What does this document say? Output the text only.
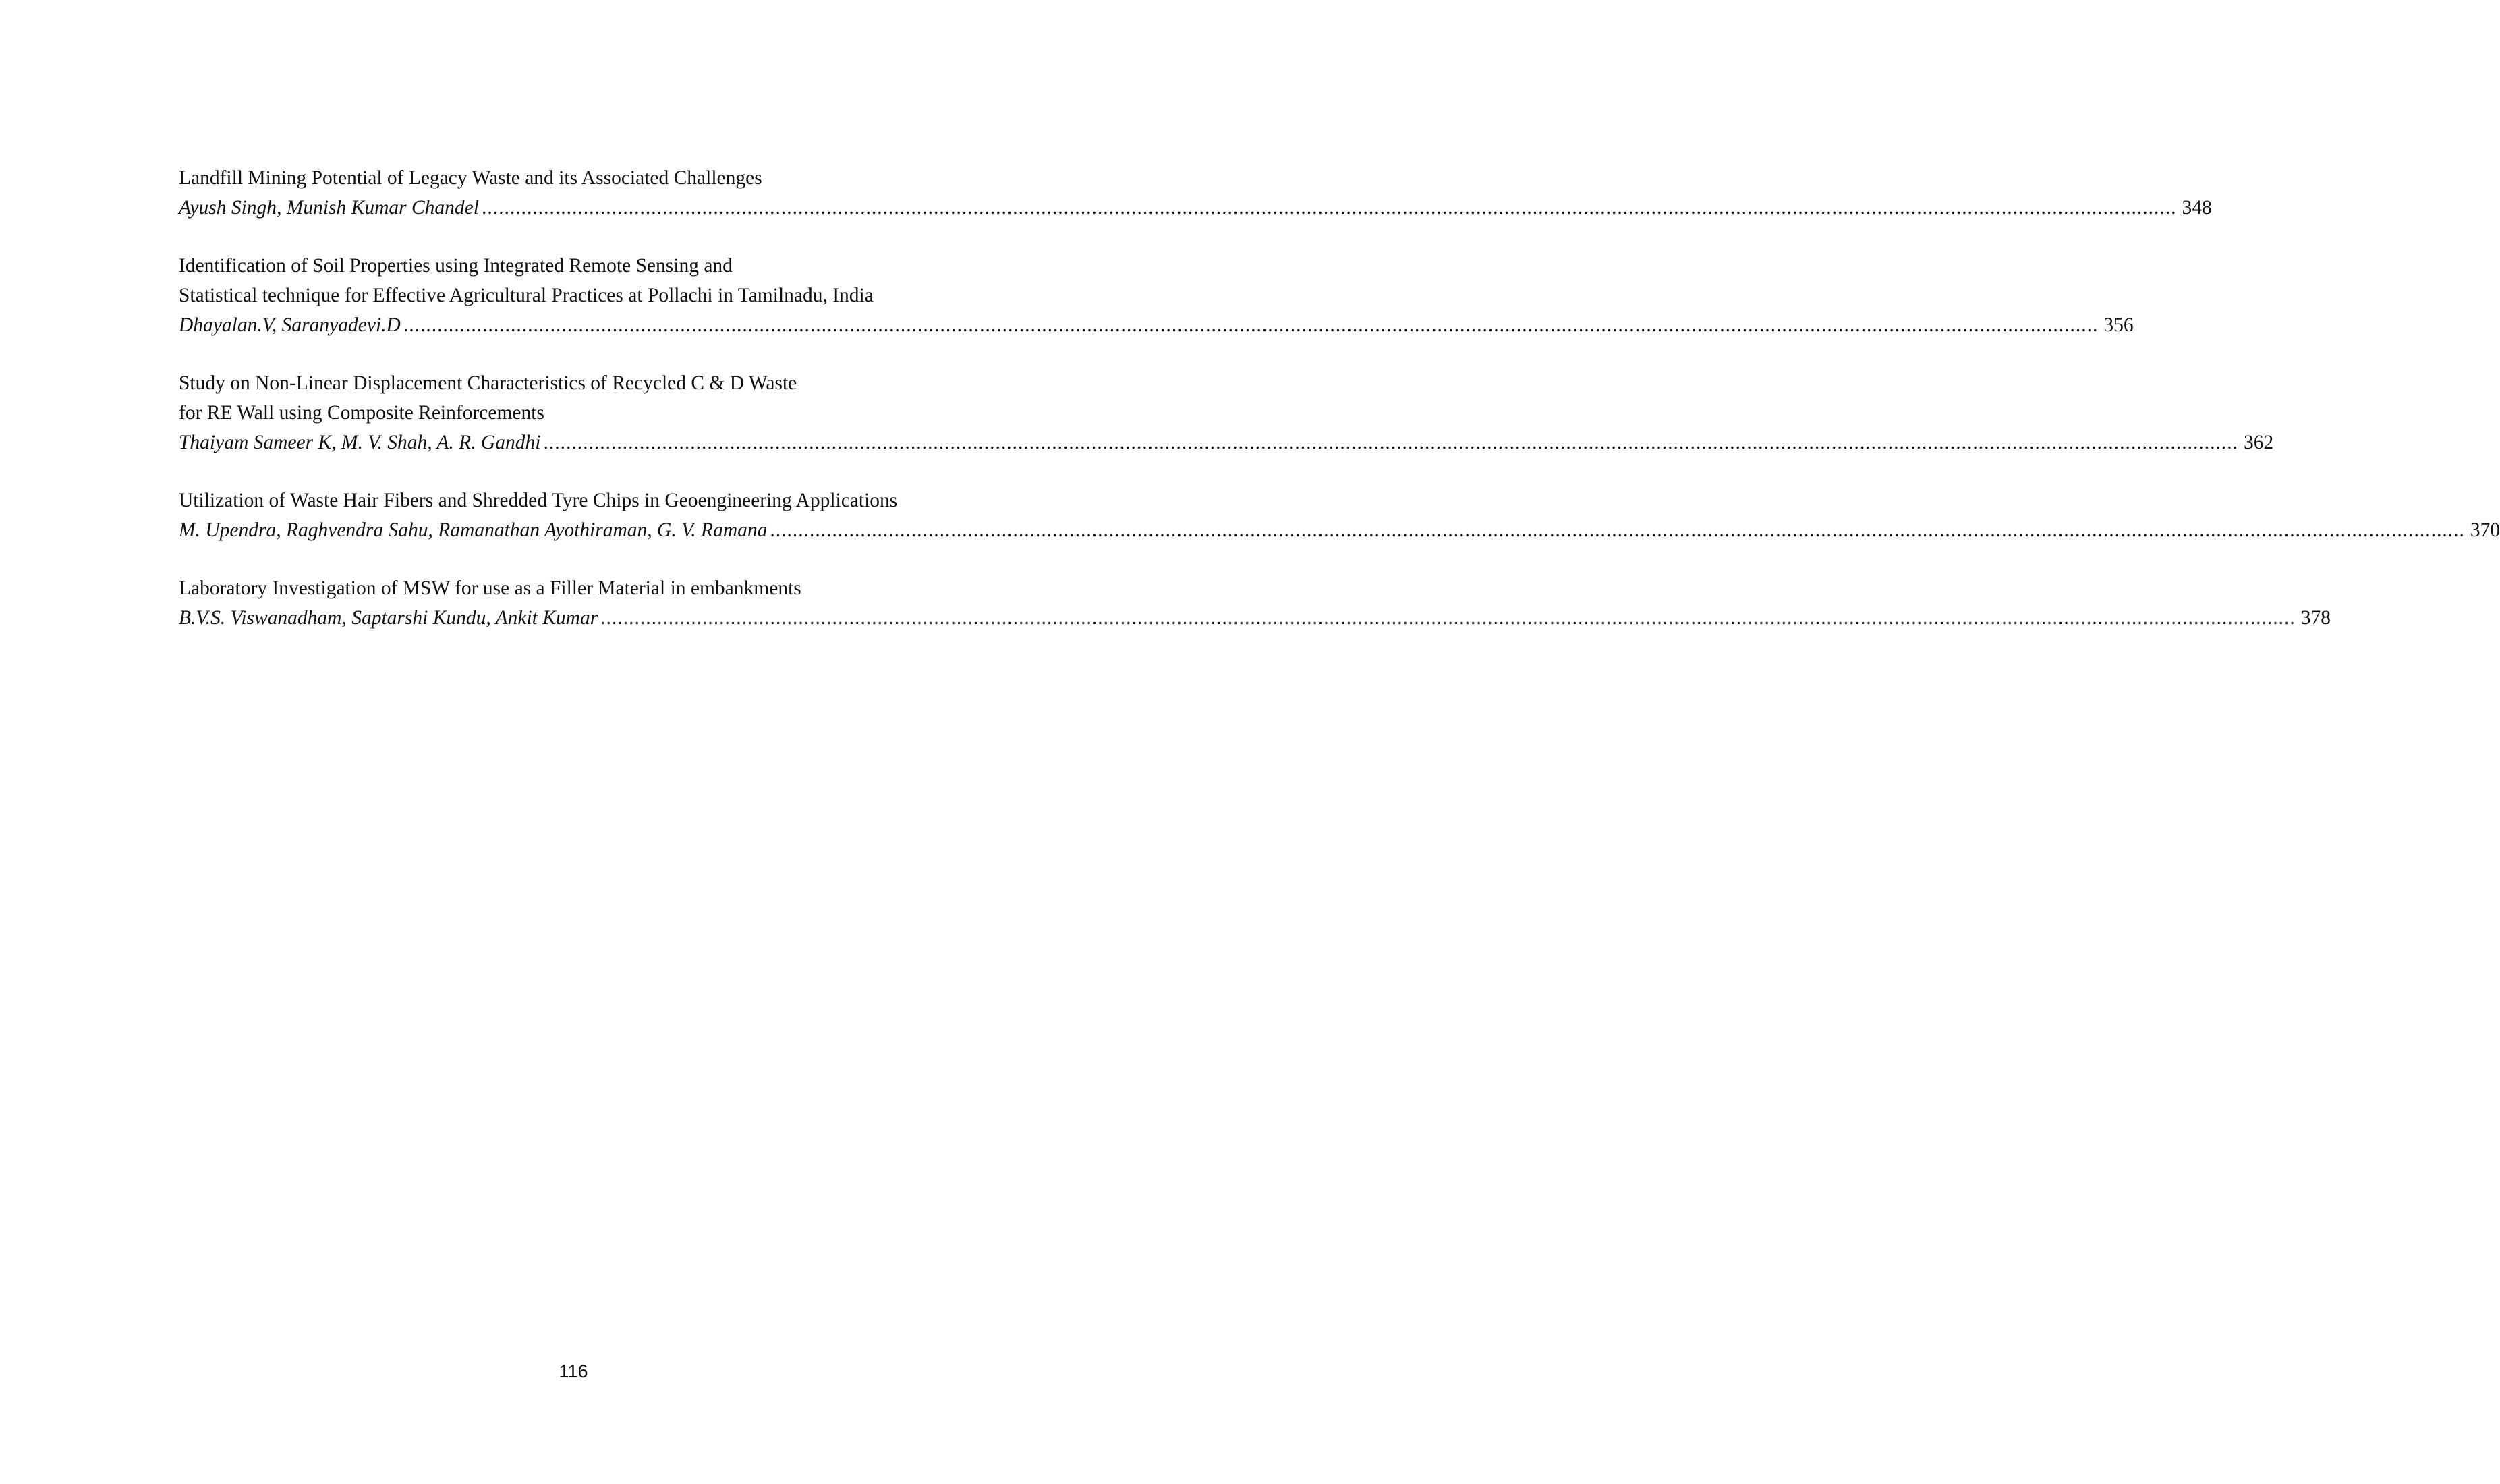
Landfill Mining Potential of Legacy Waste and its Associated Challenges
Ayush Singh, Munish Kumar Chandel ............................................................................................................................................................................................................................................................................................................ 348
Identification of Soil Properties using Integrated Remote Sensing and
Statistical technique for Effective Agricultural Practices at Pollachi in Tamilnadu, India
Dhayalan.V, Saranyadevi.D ............................................................................................................................................................................................................................................................................................................ 356
Study on Non-Linear Displacement Characteristics of Recycled C & D Waste
for RE Wall using Composite Reinforcements
Thaiyam Sameer K, M. V. Shah, A. R. Gandhi ............................................................................................................................................................................................................................................................................................................ 362
Utilization of Waste Hair Fibers and Shredded Tyre Chips in Geoengineering Applications
M. Upendra, Raghvendra Sahu, Ramanathan Ayothiraman, G. V. Ramana ............................................................................................................................................................................................................................................................................................................ 370
Laboratory Investigation of MSW for use as a Filler Material in embankments
B.V.S. Viswanadham, Saptarshi Kundu, Ankit Kumar ............................................................................................................................................................................................................................................................................................................ 378
116
